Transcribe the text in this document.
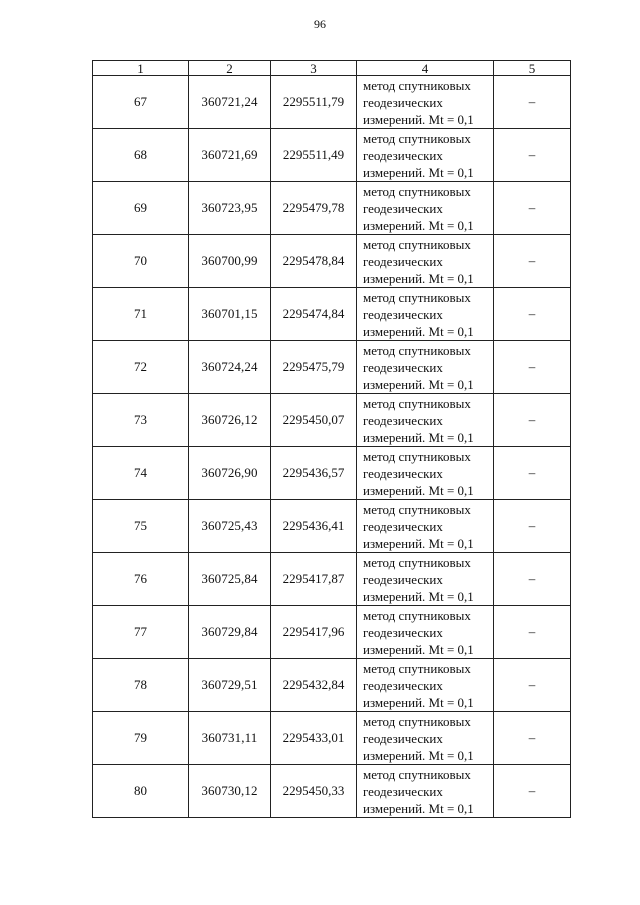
96
1	2	3	4	5
67	360721,24	2295511,79	метод спутниковых
геодезических
измерений. Mt = 0,1	–
68	360721,69	2295511,49	метод спутниковых
геодезических
измерений. Mt = 0,1	–
69	360723,95	2295479,78	метод спутниковых
геодезических
измерений. Mt = 0,1	–
70	360700,99	2295478,84	метод спутниковых
геодезических
измерений. Mt = 0,1	–
71	360701,15	2295474,84	метод спутниковых
геодезических
измерений. Mt = 0,1	–
72	360724,24	2295475,79	метод спутниковых
геодезических
измерений. Mt = 0,1	–
73	360726,12	2295450,07	метод спутниковых
геодезических
измерений. Mt = 0,1	–
74	360726,90	2295436,57	метод спутниковых
геодезических
измерений. Mt = 0,1	–
75	360725,43	2295436,41	метод спутниковых
геодезических
измерений. Mt = 0,1	–
76	360725,84	2295417,87	метод спутниковых
геодезических
измерений. Mt = 0,1	–
77	360729,84	2295417,96	метод спутниковых
геодезических
измерений. Mt = 0,1	–
78	360729,51	2295432,84	метод спутниковых
геодезических
измерений. Mt = 0,1	–
79	360731,11	2295433,01	метод спутниковых
геодезических
измерений. Mt = 0,1	–
80	360730,12	2295450,33	метод спутниковых
геодезических
измерений. Mt = 0,1	–
